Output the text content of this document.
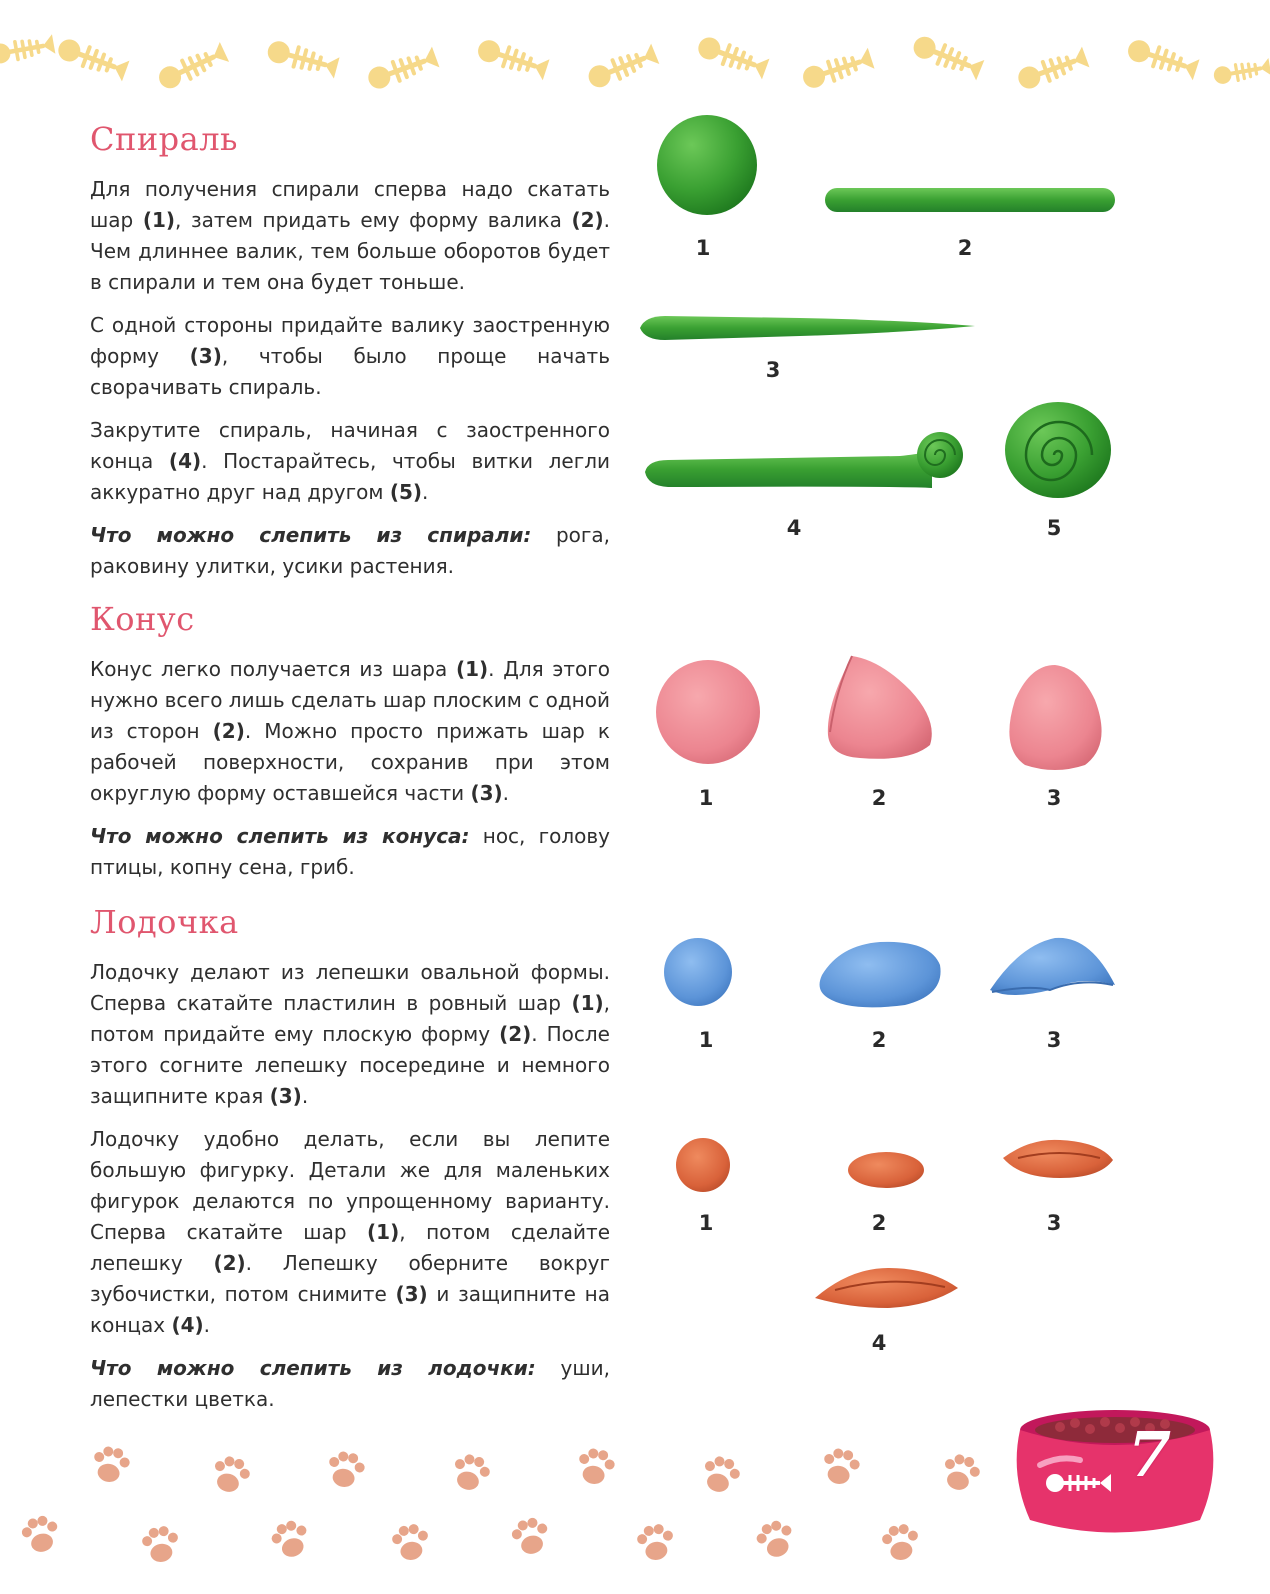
Спираль

Для получения спирали сперва надо скатать шар (1), затем придать ему форму валика (2). Чем длиннее валик, тем больше оборотов будет в спирали и тем она будет тоньше.

С одной стороны придайте валику заостренную форму (3), чтобы было проще начать сворачивать спираль.

Закрутите спираль, начиная с заостренного конца (4). Постарайтесь, чтобы витки легли аккуратно друг над другом (5).

Что можно слепить из спирали: рога, раковину улитки, усики растения.

Конус

Конус легко получается из шара (1). Для этого нужно всего лишь сделать шар плоским с одной из сторон (2). Можно просто прижать шар к рабочей поверхности, сохранив при этом округлую форму оставшейся части (3).

Что можно слепить из конуса: нос, голову птицы, копну сена, гриб.

Лодочка

Лодочку делают из лепешки овальной формы. Сперва скатайте пластилин в ровный шар (1), потом придайте ему плоскую форму (2). После этого согните лепешку посередине и немного защипните края (3).

Лодочку удобно делать, если вы лепите большую фигурку. Детали же для маленьких фигурок делаются по упрощенному варианту. Сперва скатайте шар (1), потом сделайте лепешку (2). Лепешку оберните вокруг зубочистки, потом снимите (3) и защипните на концах (4).

Что можно слепить из лодочки: уши, лепестки цветка.

1	2
3
4	5
1	2	3
1	2	3
1	2	3
4
7
